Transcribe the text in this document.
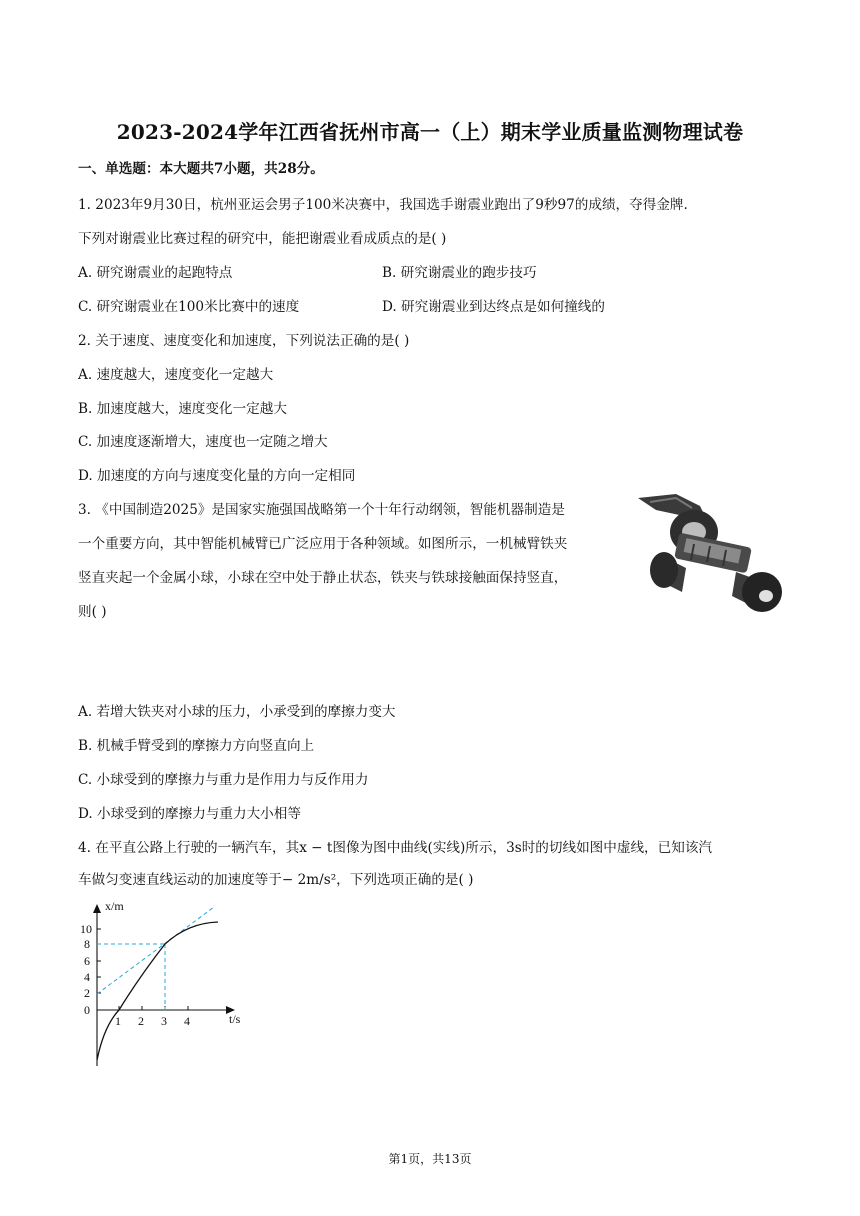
2023-2024学年江西省抚州市高一（上）期末学业质量监测物理试卷
一、单选题：本大题共7小题，共28分。
1. 2023年9月30日，杭州亚运会男子100米决赛中，我国选手谢震业跑出了9秒97的成绩，夺得金牌.
下列对谢震业比赛过程的研究中，能把谢震业看成质点的是( )
A. 研究谢震业的起跑特点	B. 研究谢震业的跑步技巧
C. 研究谢震业在100米比赛中的速度	D. 研究谢震业到达终点是如何撞线的
2. 关于速度、速度变化和加速度，下列说法正确的是( )
A. 速度越大，速度变化一定越大
B. 加速度越大，速度变化一定越大
C. 加速度逐渐增大，速度也一定随之增大
D. 加速度的方向与速度变化量的方向一定相同
3. 《中国制造2025》是国家实施强国战略第一个十年行动纲领，智能机器制造是
一个重要方向，其中智能机械臂已广泛应用于各种领域。如图所示，一机械臂铁夹
竖直夹起一个金属小球，小球在空中处于静止状态，铁夹与铁球接触面保持竖直，
则( )
A. 若增大铁夹对小球的压力，小承受到的摩擦力变大
B. 机械手臂受到的摩擦力方向竖直向上
C. 小球受到的摩擦力与重力是作用力与反作用力
D. 小球受到的摩擦力与重力大小相等
4. 在平直公路上行驶的一辆汽车，其x − t图像为图中曲线(实线)所示，3s时的切线如图中虚线，已知该汽
车做匀变速直线运动的加速度等于− 2m/s²，下列选项正确的是( )
x/m
t/s
10
8
6
4
2
0
1 2 3 4
第1页，共13页
